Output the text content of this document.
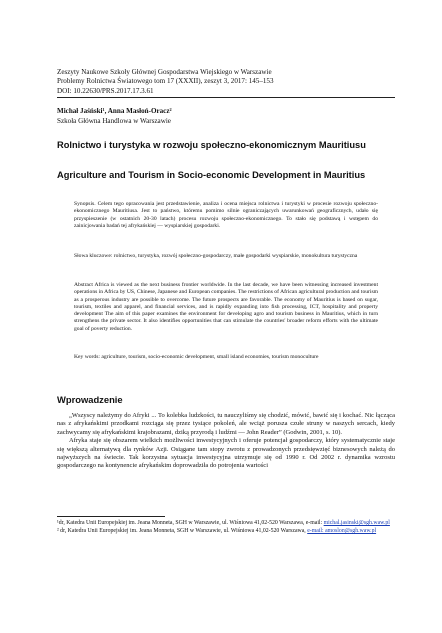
Zeszyty Naukowe Szkoły Głównej Gospodarstwa Wiejskiego w Warszawie
Problemy Rolnictwa Światowego tom 17 (XXXII), zeszyt 3, 2017: 145–153
DOI: 10.22630/PRS.2017.17.3.61
Michał Jaśński¹, Anna Masłoń-Oracz²
Szkoła Główna Handlowa w Warszawie
Rolnictwo i turystyka w rozwoju społeczno-ekonomicznym Mauritiusu
Agriculture and Tourism in Socio-economic Development in Mauritius

Synopsis. Celem tego opracowania jest przedstawienie, analiza i ocena miejsca rolnictwa i turystyki w procesie rozwoju społeczno-ekonomicznego Mauritiusa. Jest to państwo, któremu pomimo silnie ograniczających uwarunkowań geograficznych, udało się przyspieszenie (w ostatnich 20-30 latach) procesu rozwoju społeczno-ekonomicznego. To stało się podstawą i wstępem do zainicjowania badań tej afrykańskiej — wyspiarskiej gospodarki.

Słowa kluczowe: rolnictwo, turystyka, rozwój społeczno-gospodarczy, małe gospodarki wyspiarskie, monokultura turystyczna

Abstract Africa is viewed as the next business frontier worldwide. In the last decade, we have been witnessing increased investment operations in Africa by US, Chinese, Japanese and European companies. The restrictions of African agricultural production and tourism as a prosperous industry are possible to overcome. The future prospects are favorable. The economy of Mauritius is based on sugar, tourism, textiles and apparel, and financial services, and is rapidly expanding into fish processing, ICT, hospitality and property development The aim of this paper examines the environment for developing agro and tourism business in Mauritius, which in turn strengthens the private sector. It also identifies opportunities that can stimulate the countries' broader reform efforts with the ultimate goal of poverty reduction.

Key words: agriculture, tourism, socio-economic development, small island economies, tourism monoculture

Wprowadzenie

„Wszyscy należymy do Afryki ... To kolebka ludzkości, tu nauczyliśmy się chodzić, mówić, bawić się i kochać. Nic łącząca nas z afrykańskimi przodkami rozciąga się przez tysiące pokoleń, ale wciąż porusza czułe struny w naszych sercach, kiedy zachwycamy się afrykańskimi krajobrazami, dziką przyrodą i ludźmi — John Reader” (Godwin, 2001, s. 10).

Afryka staje się obszarem wielkich możliwości inwestycyjnych i oferuje potencjał gospodarczy, który systematycznie staje się większą alternatywą dla rynków Azji. Osiągane tam stopy zwrotu z prowadzonych przedsięwzięć biznesowych należą do najwyższych na świecie. Tak korzystna sytuacja inwestycyjna utrzymuje się od 1990 r. Od 2002 r. dynamika wzrostu gospodarczego na kontynencie afrykańskim doprowadziła do potrojenia wartości

¹dr, Katedra Unii Europejskiej im. Jeana Monneta, SGH w Warszawie, ul. Wiśniowa 41,02-520 Warszawa, e-mail: michal.jasinski@sgh.waw.pl

² dr, Katedra Unii Europejskiej im. Jeana Monneta, SGH w Warszawie, ul. Wiśniowa 41,02-520 Warszawa, e-mail: amoslon@sgh.waw.pl
